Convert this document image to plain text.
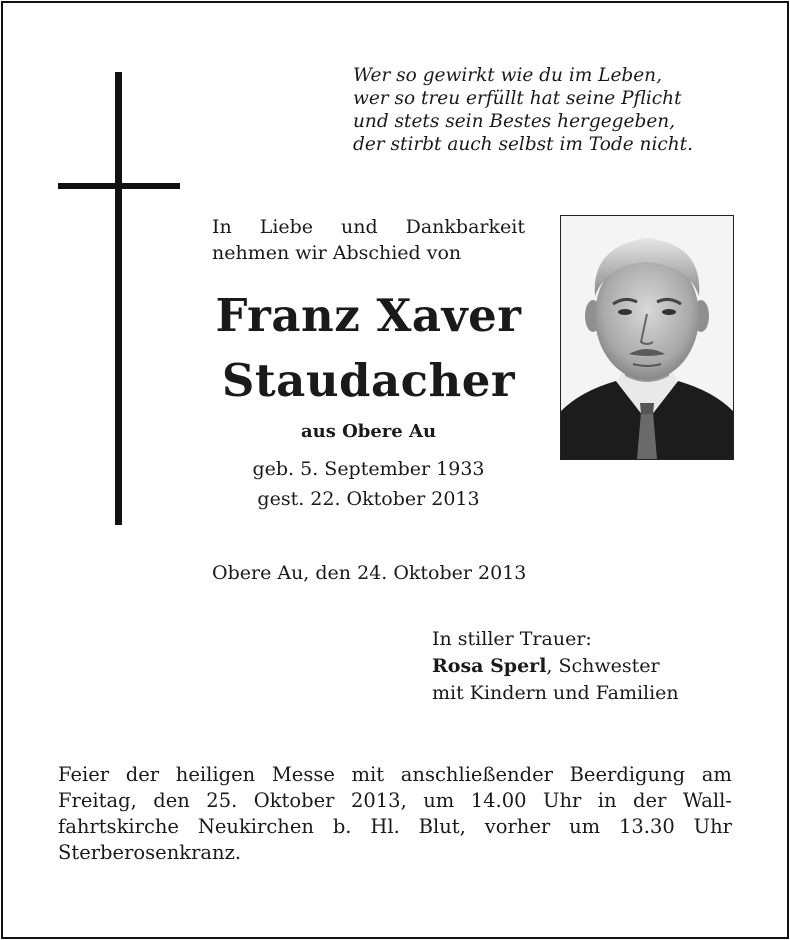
Wer so gewirkt wie du im Leben,
wer so treu erfüllt hat seine Pflicht
und stets sein Bestes hergegeben,
der stirbt auch selbst im Tode nicht.
In Liebe und Dankbarkeit
nehmen wir Abschied von
Franz Xaver
Staudacher
aus Obere Au
geb. 5. September 1933
gest. 22. Oktober 2013
Obere Au, den 24. Oktober 2013
In stiller Trauer:
Rosa Sperl, Schwester
mit Kindern und Familien
Feier der heiligen Messe mit anschließender Beerdigung am
Freitag, den 25. Oktober 2013, um 14.00 Uhr in der Wall-
fahrtskirche Neukirchen b. Hl. Blut, vorher um 13.30 Uhr
Sterberosenkranz.
